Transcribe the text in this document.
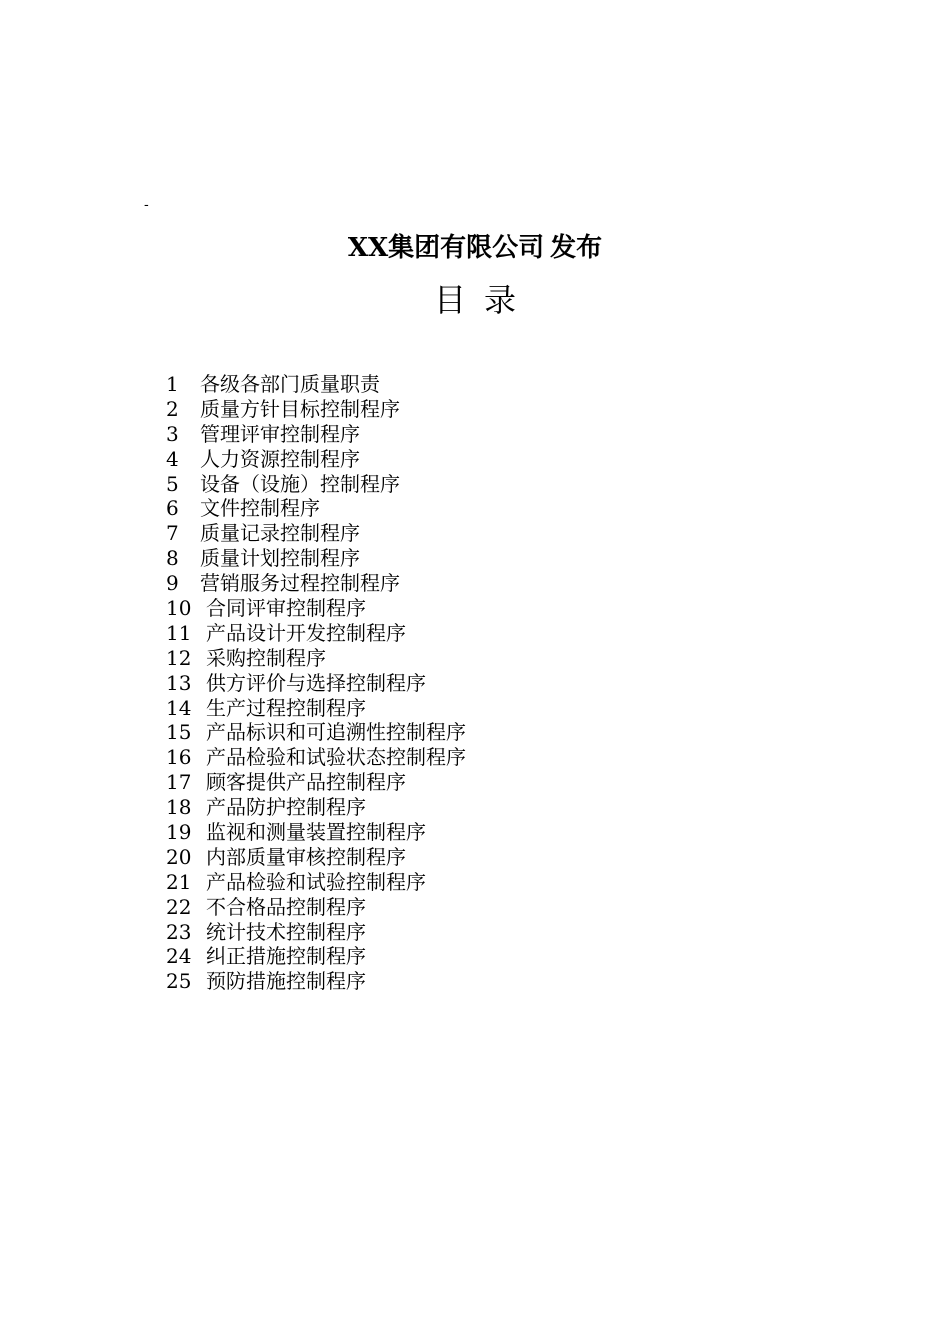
-
XX集团有限公司 发布
目录
1	各级各部门质量职责
2	质量方针目标控制程序
3	管理评审控制程序
4	人力资源控制程序
5	设备（设施）控制程序
6	文件控制程序
7	质量记录控制程序
8	质量计划控制程序
9	营销服务过程控制程序
10 合同评审控制程序
11 产品设计开发控制程序
12 采购控制程序
13 供方评价与选择控制程序
14 生产过程控制程序
15 产品标识和可追溯性控制程序
16 产品检验和试验状态控制程序
17 顾客提供产品控制程序
18 产品防护控制程序
19 监视和测量装置控制程序
20 内部质量审核控制程序
21 产品检验和试验控制程序
22 不合格品控制程序
23 统计技术控制程序
24 纠正措施控制程序
25 预防措施控制程序
